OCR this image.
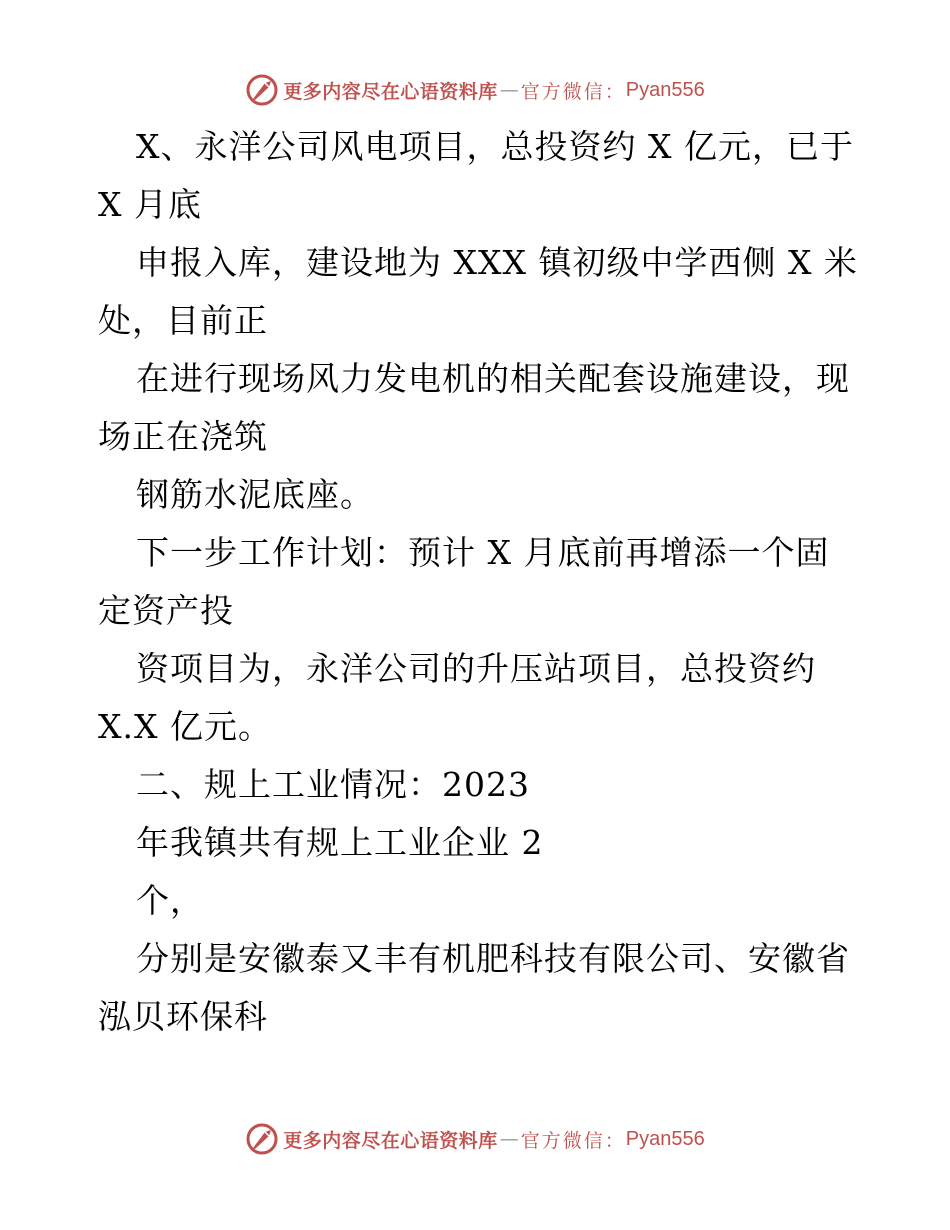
更多内容尽在心语资料库 — 官方微信： Pyan556
X、永洋公司风电项目，总投资约 X 亿元，已于
X 月底
申报入库，建设地为 XXX 镇初级中学西侧 X 米
处，目前正
在进行现场风力发电机的相关配套设施建设，现
场正在浇筑
钢筋水泥底座。
下一步工作计划：预计 X 月底前再增添一个固
定资产投
资项目为，永洋公司的升压站项目，总投资约
X.X 亿元。
二、规上工业情况：2023
年我镇共有规上工业企业 2
个，
分别是安徽泰又丰有机肥科技有限公司、安徽省
泓贝环保科
更多内容尽在心语资料库 — 官方微信： Pyan556
